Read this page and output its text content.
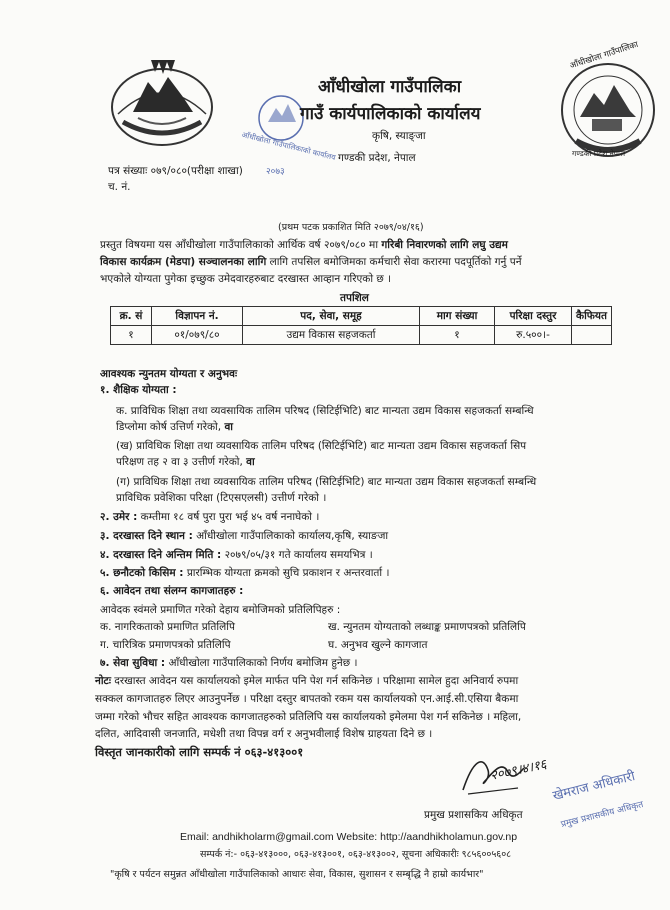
आँधीखोला गाउँपालिका
गण्डकी प्रदेश नेपाल
आँधीखोला गाउँपालिकाको कार्यालय
२०७३
आँधीखोला गाउँपालिका
गाउँ कार्यपालिकाको कार्यालय
कृषि, स्याङ्जा
गण्डकी प्रदेश, नेपाल
पत्र संख्याः ०७९/०८०(परीक्षा शाखा)
च. नं.
(प्रथम पटक प्रकाशित मिति २०७९/०४/१६)
प्रस्तुत विषयमा यस आँधीखोला गाउँपालिकाको आर्थिक वर्ष २०७९/०८० मा गरिबी निवारणको लागि लघु उद्यम
विकास कार्यक्रम (मेडपा) सञ्चालनका लागि लागि तपसिल बमोजिमका कर्मचारी सेवा करारमा पदपूर्तिको गर्नु पर्ने
भएकोले योग्यता पुगेका इच्छुक उमेदवारहरुबाट दरखास्त आव्हान गरिएको छ ।
तपशिल
क्र. सं	विज्ञापन नं.	पद, सेवा, समूह	माग संख्या	परिक्षा दस्तुर	कैफियत
१	०१/०७९/८०	उद्यम विकास सहजकर्ता	१	रु.५००।-	
आवश्यक न्युनतम योग्यता र अनुभवः
१. शैक्षिक योग्यता :
क. प्राविधिक शिक्षा तथा व्यवसायिक तालिम परिषद (सिटिईभिटि) बाट मान्यता उद्यम विकास सहजकर्ता सम्बन्धि
डिप्लोमा कोर्ष उत्तिर्ण गरेको, वा
(ख) प्राविधिक शिक्षा तथा व्यवसायिक तालिम परिषद (सिटिईभिटि) बाट मान्यता उद्यम विकास सहजकर्ता सिप
परिक्षण तह २ वा ३ उत्तीर्ण गरेको, वा
(ग) प्राविधिक शिक्षा तथा व्यवसायिक तालिम परिषद (सिटिईभिटि) बाट मान्यता उद्यम विकास सहजकर्ता सम्बन्धि
प्राविधिक प्रवेशिका परिक्षा (टिएसएलसी) उत्तीर्ण गरेको ।
२. उमेर : कम्तीमा १८ वर्ष पुरा पुरा भई ४५ वर्ष ननाघेको ।
३. दरखास्त दिने स्थान : आँधीखोला गाउँपालिकाको कार्यालय,कृषि, स्याङजा
४. दरखास्त दिने अन्तिम मिति : २०७९/०५/३१ गते कार्यालय समयभित्र ।
५. छनौटको किसिम : प्रारम्भिक योग्यता क्रमको सुचि प्रकाशन र अन्तरवार्ता ।
६. आवेदन तथा संलग्न कागजातहरु :
आवेदक स्वंमले प्रमाणित गरेको देहाय बमोजिमको प्रतिलिपिहरु :
क. नागरिकताको प्रमाणित प्रतिलिपि	ख. न्युनतम योग्यताको लब्धाङ्क प्रमाणपत्रको प्रतिलिपि
ग. चारित्रिक प्रमाणपत्रको प्रतिलिपि	घ. अनुभव खुल्ने कागजात
७. सेवा सुविधा : आँधीखोला गाउँपालिकाको निर्णय बमोजिम हुनेछ ।
नोटः दरखास्त आवेदन यस कार्यालयको इमेल मार्फत पनि पेश गर्न सकिनेछ । परिक्षामा सामेल हुदा अनिवार्य रुपमा
सक्कल कागजातहरु लिएर आउनुपर्नेछ । परिक्षा दस्तुर बापतको रकम यस कार्यालयको एन.आई.सी.एसिया बैकमा
जम्मा गरेको भौचर सहित आवश्यक कागजातहरुको प्रतिलिपि यस कार्यालयको इमेलमा पेश गर्न सकिनेछ । महिला,
दलित, आदिवासी जनजाति, मधेशी तथा विपन्न वर्ग र अनुभवीलाई विशेष ग्राहयता दिने छ ।
विस्तृत जानकारीको लागि सम्पर्क नं ०६३-४१३००१
२०७९।४।१६ खेमराज अधिकारी
प्रमुख प्रशासकीय अधिकृत
प्रमुख प्रशासकिय अधिकृत
Email: andhikholarm@gmail.com Website: http://aandhikholamun.gov.np
सम्पर्क नं:- ०६३-४१३०००, ०६३-४१३००१, ०६३-४१३००२, सूचना अधिकारीः ९८५६००५६०८
"कृषि र पर्यटन समुन्नत आँधीखोला गाउँपालिकाको आधारः सेवा, विकास, सुशासन र सम्बृद्धि नै हाम्रो कार्यभार"
